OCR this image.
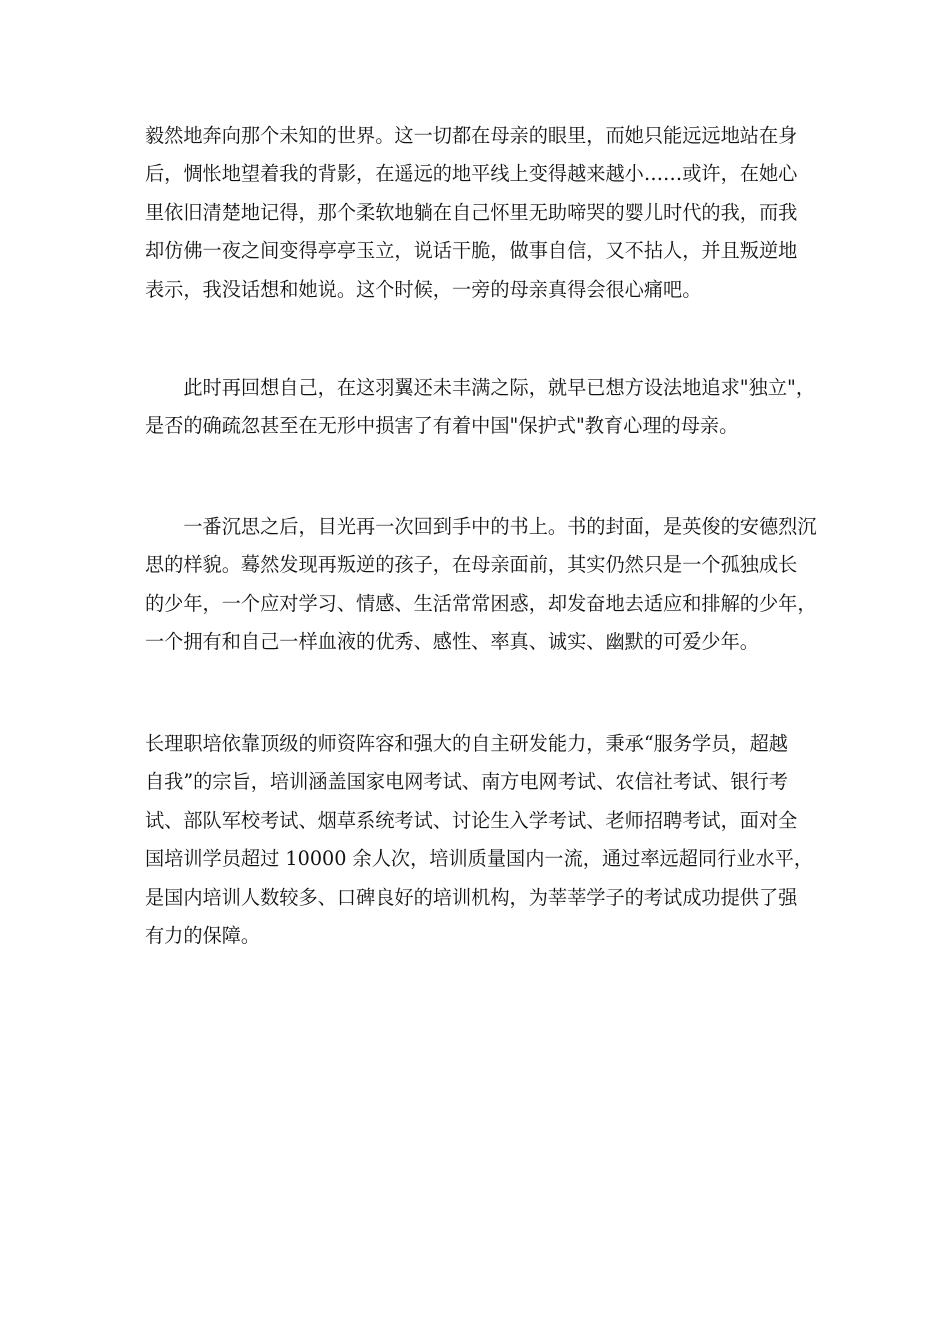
毅然地奔向那个未知的世界。这一切都在母亲的眼里，而她只能远远地站在身
后，惆怅地望着我的背影，在遥远的地平线上变得越来越小……或许，在她心
里依旧清楚地记得，那个柔软地躺在自己怀里无助啼哭的婴儿时代的我，而我
却仿佛一夜之间变得亭亭玉立，说话干脆，做事自信，又不拈人，并且叛逆地
表示，我没话想和她说。这个时候，一旁的母亲真得会很心痛吧。
　　此时再回想自己，在这羽翼还未丰满之际，就早已想方设法地追求"独立"，
是否的确疏忽甚至在无形中损害了有着中国"保护式"教育心理的母亲。
　　一番沉思之后，目光再一次回到手中的书上。书的封面，是英俊的安德烈沉
思的样貌。蓦然发现再叛逆的孩子，在母亲面前，其实仍然只是一个孤独成长
的少年，一个应对学习、情感、生活常常困惑，却发奋地去适应和排解的少年，
一个拥有和自己一样血液的优秀、感性、率真、诚实、幽默的可爱少年。
长理职培依靠顶级的师资阵容和强大的自主研发能力，秉承“服务学员，超越
自我”的宗旨，培训涵盖国家电网考试、南方电网考试、农信社考试、银行考
试、部队军校考试、烟草系统考试、讨论生入学考试、老师招聘考试，面对全
国培训学员超过 10000 余人次，培训质量国内一流，通过率远超同行业水平，
是国内培训人数较多、口碑良好的培训机构，为莘莘学子的考试成功提供了强
有力的保障。
